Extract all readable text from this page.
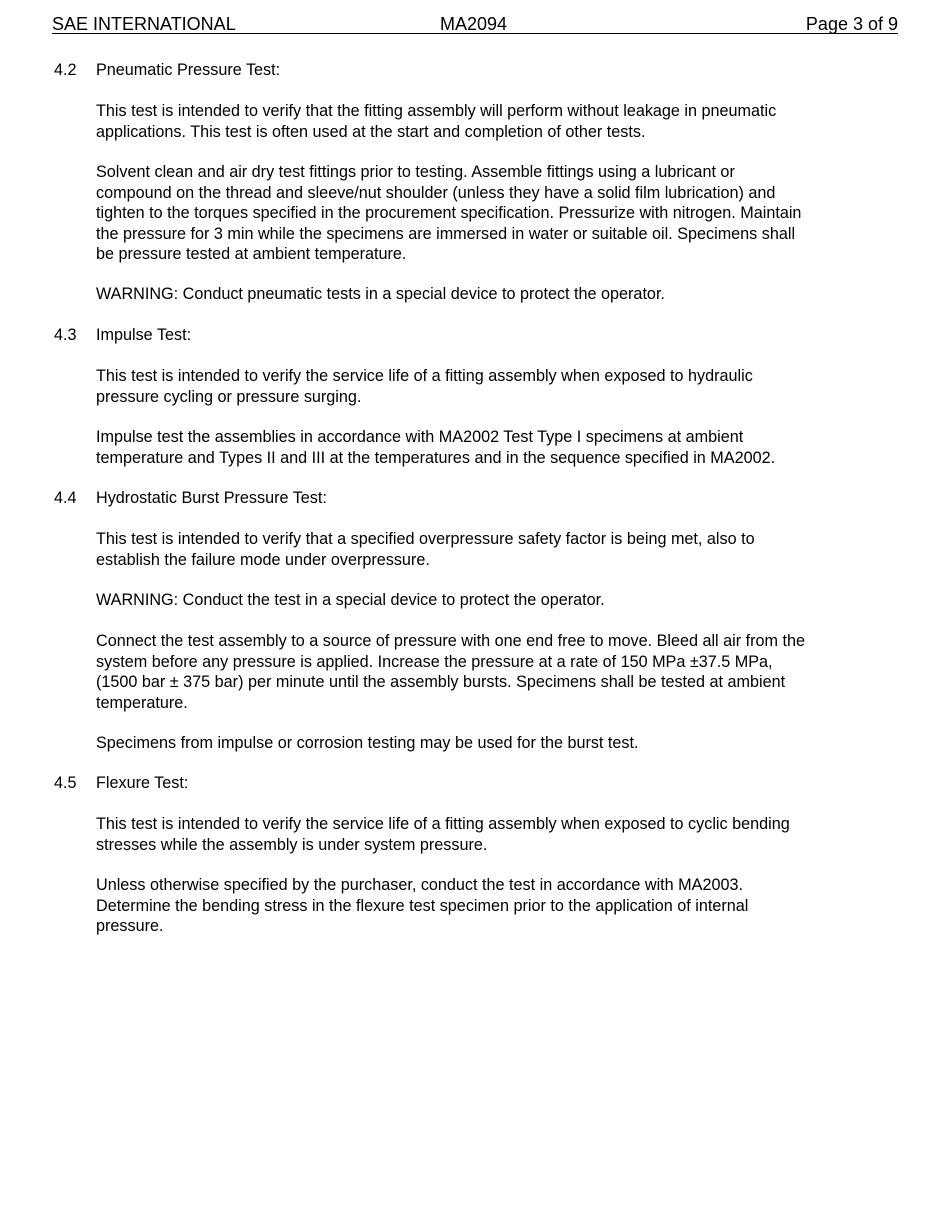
SAE INTERNATIONAL	MA2094	Page 3 of 9
4.2 Pneumatic Pressure Test:

This test is intended to verify that the fitting assembly will perform without leakage in pneumatic
applications. This test is often used at the start and completion of other tests.

Solvent clean and air dry test fittings prior to testing. Assemble fittings using a lubricant or
compound on the thread and sleeve/nut shoulder (unless they have a solid film lubrication) and
tighten to the torques specified in the procurement specification. Pressurize with nitrogen. Maintain
the pressure for 3 min while the specimens are immersed in water or suitable oil. Specimens shall
be pressure tested at ambient temperature.

WARNING: Conduct pneumatic tests in a special device to protect the operator.

4.3 Impulse Test:

This test is intended to verify the service life of a fitting assembly when exposed to hydraulic
pressure cycling or pressure surging.

Impulse test the assemblies in accordance with MA2002 Test Type I specimens at ambient
temperature and Types II and III at the temperatures and in the sequence specified in MA2002.

4.4 Hydrostatic Burst Pressure Test:

This test is intended to verify that a specified overpressure safety factor is being met, also to
establish the failure mode under overpressure.

WARNING: Conduct the test in a special device to protect the operator.

Connect the test assembly to a source of pressure with one end free to move. Bleed all air from the
system before any pressure is applied. Increase the pressure at a rate of 150 MPa ±37.5 MPa,
(1500 bar ± 375 bar) per minute until the assembly bursts. Specimens shall be tested at ambient
temperature.

Specimens from impulse or corrosion testing may be used for the burst test.

4.5 Flexure Test:

This test is intended to verify the service life of a fitting assembly when exposed to cyclic bending
stresses while the assembly is under system pressure.

Unless otherwise specified by the purchaser, conduct the test in accordance with MA2003.
Determine the bending stress in the flexure test specimen prior to the application of internal
pressure.
